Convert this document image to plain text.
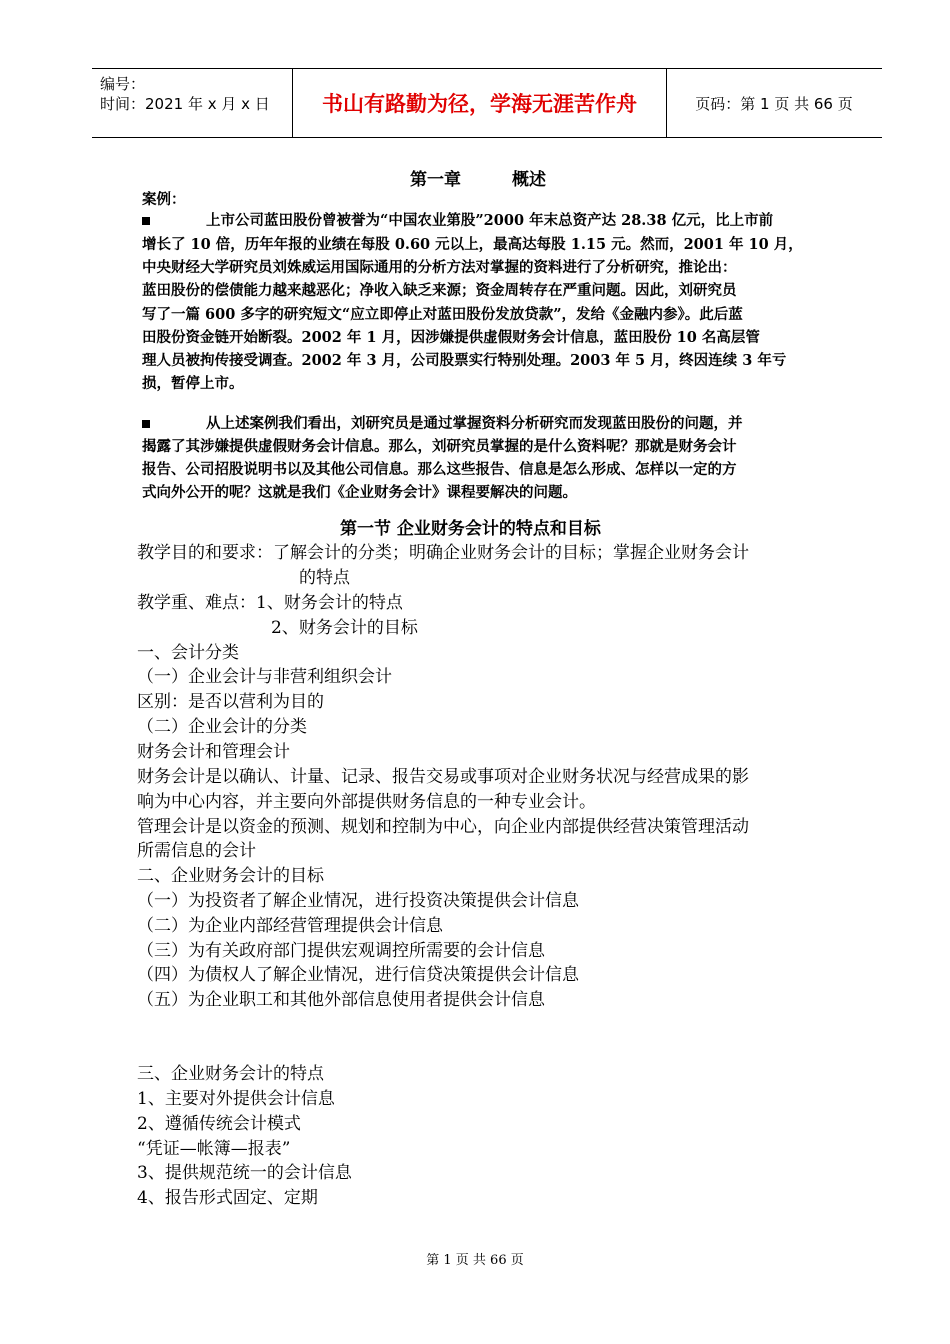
编号：
时间：2021 年 x 月 x 日 书山有路勤为径，学海无涯苦作舟	页码：第 1 页 共 66 页
第一章　　　概述
案例：
上市公司蓝田股份曾被誉为“中国农业第股”2000 年末总资产达 28.38 亿元，比上市前
增长了 10 倍，历年年报的业绩在每股 0.60 元以上，最高达每股 1.15 元。然而，2001 年 10 月，
中央财经大学研究员刘姝威运用国际通用的分析方法对掌握的资料进行了分析研究，推论出：
蓝田股份的偿债能力越来越恶化；净收入缺乏来源；资金周转存在严重问题。因此，刘研究员
写了一篇 600 多字的研究短文“应立即停止对蓝田股份发放贷款”，发给《金融内参》。此后蓝
田股份资金链开始断裂。2002 年 1 月，因涉嫌提供虚假财务会计信息，蓝田股份 10 名高层管
理人员被拘传接受调查。2002 年 3 月，公司股票实行特别处理。2003 年 5 月，终因连续 3 年亏
损，暂停上市。
从上述案例我们看出，刘研究员是通过掌握资料分析研究而发现蓝田股份的问题，并
揭露了其涉嫌提供虚假财务会计信息。那么，刘研究员掌握的是什么资料呢？那就是财务会计
报告、公司招股说明书以及其他公司信息。那么这些报告、信息是怎么形成、怎样以一定的方
式向外公开的呢？这就是我们《企业财务会计》课程要解决的问题。
第一节 企业财务会计的特点和目标
教学目的和要求：了解会计的分类；明确企业财务会计的目标；掌握企业财务会计
的特点
教学重、难点：1、财务会计的特点
2、财务会计的目标
一、会计分类
（一）企业会计与非营利组织会计
区别：是否以营利为目的
（二）企业会计的分类
财务会计和管理会计
财务会计是以确认、计量、记录、报告交易或事项对企业财务状况与经营成果的影
响为中心内容，并主要向外部提供财务信息的一种专业会计。
管理会计是以资金的预测、规划和控制为中心，向企业内部提供经营决策管理活动
所需信息的会计
二、企业财务会计的目标
（一）为投资者了解企业情况，进行投资决策提供会计信息
（二）为企业内部经营管理提供会计信息
（三）为有关政府部门提供宏观调控所需要的会计信息
（四）为债权人了解企业情况，进行信贷决策提供会计信息
（五）为企业职工和其他外部信息使用者提供会计信息
三、企业财务会计的特点
1、主要对外提供会计信息
2、遵循传统会计模式
“凭证—帐簿—报表”
3、提供规范统一的会计信息
4、报告形式固定、定期
第 1 页 共 66 页
